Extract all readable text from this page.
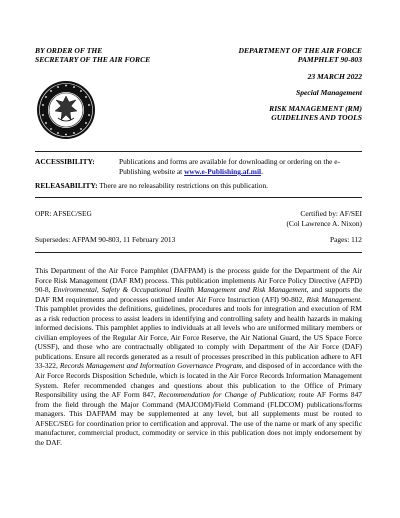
BY ORDER OF THE
SECRETARY OF THE AIR FORCE
DEPARTMENT OF THE AIR FORCE
PAMPHLET 90-803
23 MARCH 2022
Special Management
RISK MANAGEMENT (RM)
GUIDELINES AND TOOLS
ACCESSIBILITY:	Publications and forms are available for downloading or ordering on the e-Publishing website at www.e-Publishing.af.mil.
RELEASABILITY: There are no releasability restrictions on this publication.
OPR: AFSEC/SEG	Certified by: AF/SEI
(Col Lawrence A. Nixon)
Supersedes: AFPAM 90-803, 11 February 2013	Pages: 112
This Department of the Air Force Pamphlet (DAFPAM) is the process guide for the Department of the Air Force Risk Management (DAF RM) process. This publication implements Air Force Policy Directive (AFPD) 90-8, Environmental, Safety & Occupational Health Management and Risk Management, and supports the DAF RM requirements and processes outlined under Air Force Instruction (AFI) 90-802, Risk Management. This pamphlet provides the definitions, guidelines, procedures and tools for integration and execution of RM as a risk reduction process to assist leaders in identifying and controlling safety and health hazards in making informed decisions. This pamphlet applies to individuals at all levels who are uniformed military members or civilian employees of the Regular Air Force, Air Force Reserve, the Air National Guard, the US Space Force (USSF), and those who are contractually obligated to comply with Department of the Air Force (DAF) publications. Ensure all records generated as a result of processes prescribed in this publication adhere to AFI 33-322, Records Management and Information Governance Program, and disposed of in accordance with the Air Force Records Disposition Schedule, which is located in the Air Force Records Information Management System. Refer recommended changes and questions about this publication to the Office of Primary Responsibility using the AF Form 847, Recommendation for Change of Publication; route AF Forms 847 from the field through the Major Command (MAJCOM)/Field Command (FLDCOM) publications/forms managers. This DAFPAM may be supplemented at any level, but all supplements must be routed to AFSEC/SEG for coordination prior to certification and approval. The use of the name or mark of any specific manufacturer, commercial product, commodity or service in this publication does not imply endorsement by the DAF.
